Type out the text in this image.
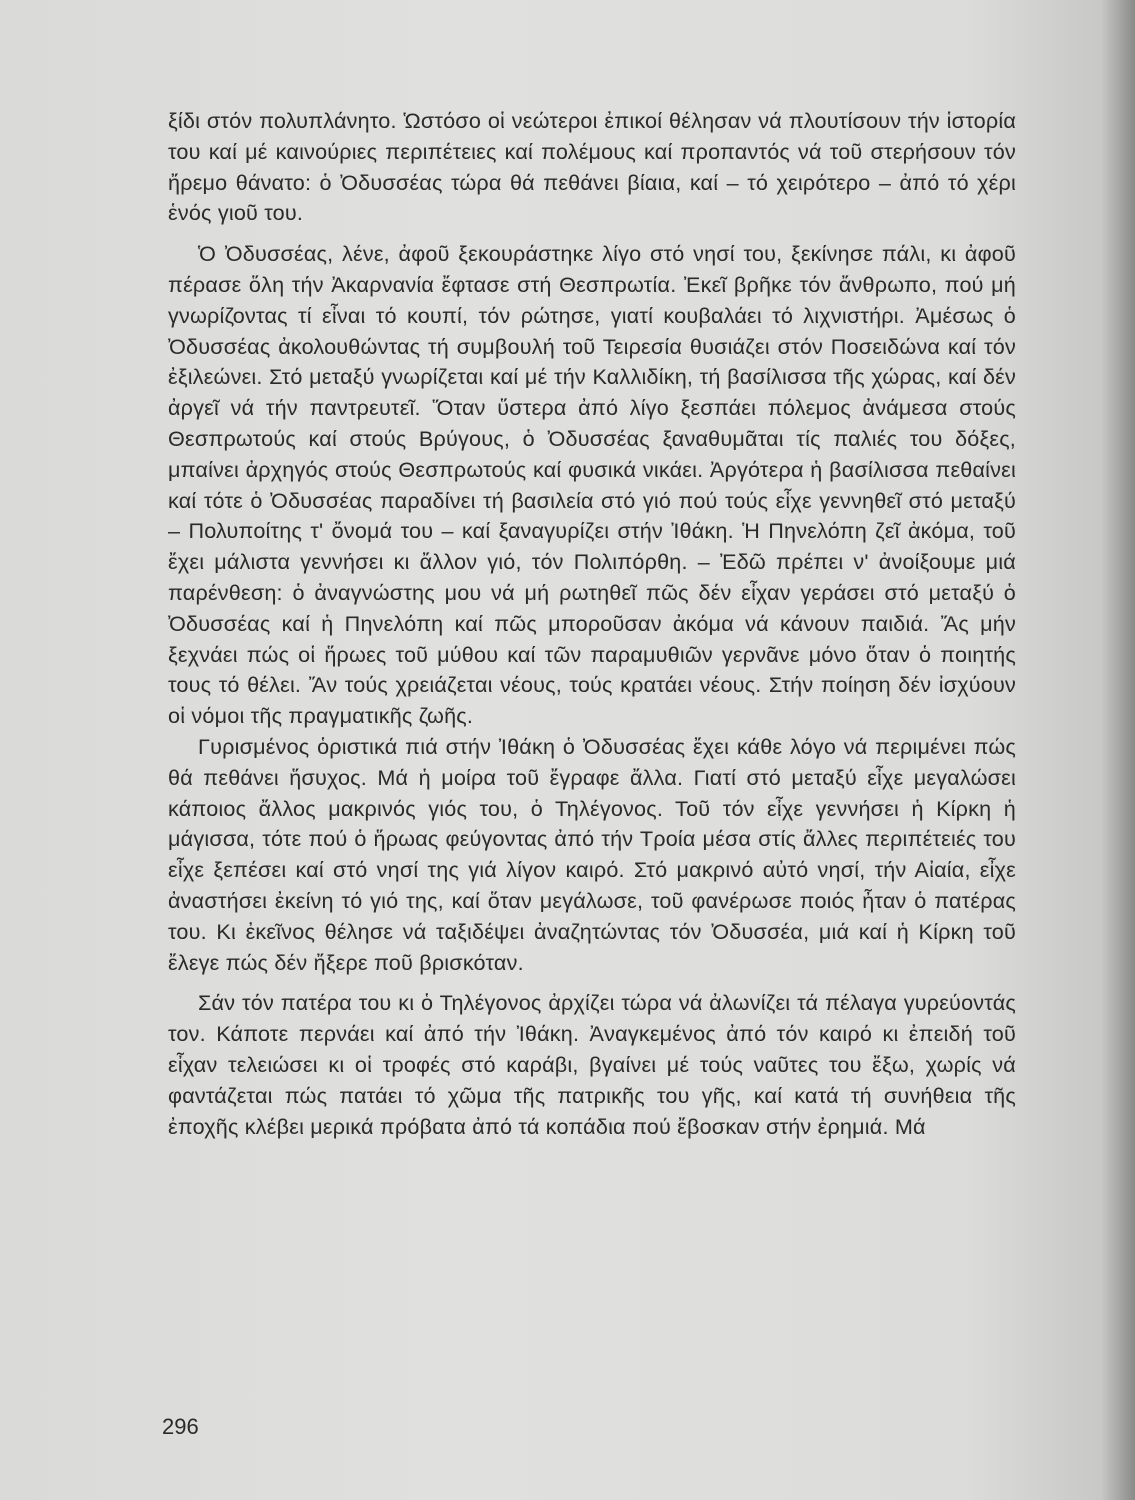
ξίδι στόν πολυπλάνητο. Ὡστόσο οἱ νεώτεροι ἐπικοί θέλησαν νά πλουτίσουν τήν ἱστορία του καί μέ καινούριες περιπέτειες καί πολέμους καί προπαντός νά τοῦ στερήσουν τόν ἤρεμο θάνατο: ὁ Ὀδυσσέας τώρα θά πεθάνει βίαια, καί – τό χειρότερο – ἀπό τό χέρι ἑνός γιοῦ του.

Ὁ Ὀδυσσέας, λένε, ἀφοῦ ξεκουράστηκε λίγο στό νησί του, ξεκίνησε πάλι, κι ἀφοῦ πέρασε ὅλη τήν Ἀκαρνανία ἔφτασε στή Θεσπρωτία. Ἐκεῖ βρῆκε τόν ἄνθρωπο, πού μή γνωρίζοντας τί εἶναι τό κουπί, τόν ρώτησε, γιατί κουβαλάει τό λιχνιστήρι. Ἀμέσως ὁ Ὀδυσσέας ἀκολουθώντας τή συμβουλή τοῦ Τειρεσία θυσιάζει στόν Ποσειδώνα καί τόν ἐξιλεώνει. Στό μεταξύ γνωρίζεται καί μέ τήν Καλλιδίκη, τή βασίλισσα τῆς χώρας, καί δέν ἀργεῖ νά τήν παντρευτεῖ. Ὅταν ὕστερα ἀπό λίγο ξεσπάει πόλεμος ἀνάμεσα στούς Θεσπρωτούς καί στούς Βρύγους, ὁ Ὀδυσσέας ξαναθυμᾶται τίς παλιές του δόξες, μπαίνει ἀρχηγός στούς Θεσπρωτούς καί φυσικά νικάει. Ἀργότερα ἡ βασίλισσα πεθαίνει καί τότε ὁ Ὀδυσσέας παραδίνει τή βασιλεία στό γιό πού τούς εἶχε γεννηθεῖ στό μεταξύ – Πολυποίτης τ' ὄνομά του – καί ξαναγυρίζει στήν Ἰθάκη. Ἡ Πηνελόπη ζεῖ ἀκόμα, τοῦ ἔχει μάλιστα γεννήσει κι ἄλλον γιό, τόν Πολιπόρθη. – Ἐδῶ πρέπει ν' ἀνοίξουμε μιά παρένθεση: ὁ ἀναγνώστης μου νά μή ρωτηθεῖ πῶς δέν εἶχαν γεράσει στό μεταξύ ὁ Ὀδυσσέας καί ἡ Πηνελόπη καί πῶς μποροῦσαν ἀκόμα νά κάνουν παιδιά. Ἄς μήν ξεχνάει πώς οἱ ἥρωες τοῦ μύθου καί τῶν παραμυθιῶν γερνᾶνε μόνο ὅταν ὁ ποιητής τους τό θέλει. Ἄν τούς χρειάζεται νέους, τούς κρατάει νέους. Στήν ποίηση δέν ἰσχύουν οἱ νόμοι τῆς πραγματικῆς ζωῆς.

Γυρισμένος ὁριστικά πιά στήν Ἰθάκη ὁ Ὀδυσσέας ἔχει κάθε λόγο νά περιμένει πώς θά πεθάνει ἥσυχος. Μά ἡ μοίρα τοῦ ἔγραφε ἄλλα. Γιατί στό μεταξύ εἶχε μεγαλώσει κάποιος ἄλλος μακρινός γιός του, ὁ Τηλέγονος. Τοῦ τόν εἶχε γεννήσει ἡ Κίρκη ἡ μάγισσα, τότε πού ὁ ἥρωας φεύγοντας ἀπό τήν Τροία μέσα στίς ἄλλες περιπέτειές του εἶχε ξεπέσει καί στό νησί της γιά λίγον καιρό. Στό μακρινό αὐτό νησί, τήν Αἰαία, εἶχε ἀναστήσει ἐκείνη τό γιό της, καί ὅταν μεγάλωσε, τοῦ φανέρωσε ποιός ἦταν ὁ πατέρας του. Κι ἐκεῖνος θέλησε νά ταξιδέψει ἀναζητώντας τόν Ὀδυσσέα, μιά καί ἡ Κίρκη τοῦ ἔλεγε πώς δέν ἤξερε ποῦ βρισκόταν.

Σάν τόν πατέρα του κι ὁ Τηλέγονος ἀρχίζει τώρα νά ἀλωνίζει τά πέλαγα γυρεύοντάς τον. Κάποτε περνάει καί ἀπό τήν Ἰθάκη. Ἀναγκεμένος ἀπό τόν καιρό κι ἐπειδή τοῦ εἶχαν τελειώσει κι οἱ τροφές στό καράβι, βγαίνει μέ τούς ναῦτες του ἔξω, χωρίς νά φαντάζεται πώς πατάει τό χῶμα τῆς πατρικῆς του γῆς, καί κατά τή συνήθεια τῆς ἐποχῆς κλέβει μερικά πρόβατα ἀπό τά κοπάδια πού ἔβοσκαν στήν ἐρημιά. Μά

296
